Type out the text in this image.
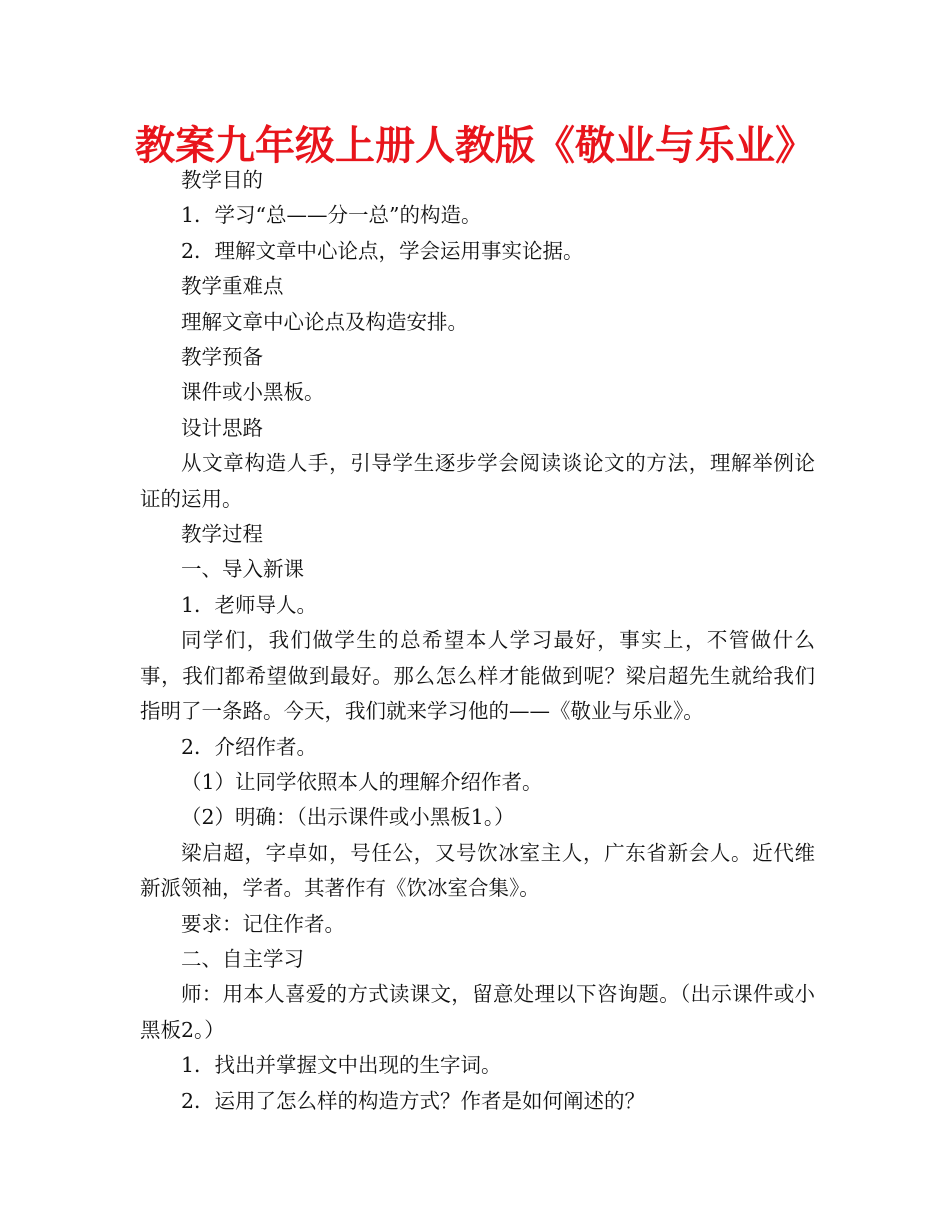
教案九年级上册人教版《敬业与乐业》

教学目的

1．学习“总——分一总”的构造。

2．理解文章中心论点，学会运用事实论据。

教学重难点

理解文章中心论点及构造安排。

教学预备

课件或小黑板。

设计思路

从文章构造人手，引导学生逐步学会阅读谈论文的方法，理解举例论证的运用。

教学过程

一、导入新课

1．老师导人。

同学们，我们做学生的总希望本人学习最好，事实上，不管做什么事，我们都希望做到最好。那么怎么样才能做到呢？梁启超先生就给我们指明了一条路。今天，我们就来学习他的——《敬业与乐业》。

2．介绍作者。

（1）让同学依照本人的理解介绍作者。

（2）明确：（出示课件或小黑板1。）

梁启超，字卓如，号任公，又号饮冰室主人，广东省新会人。近代维新派领袖，学者。其著作有《饮冰室合集》。

要求：记住作者。

二、自主学习

师：用本人喜爱的方式读课文，留意处理以下咨询题。（出示课件或小黑板2。）

1．找出并掌握文中出现的生字词。

2．运用了怎么样的构造方式？作者是如何阐述的？
